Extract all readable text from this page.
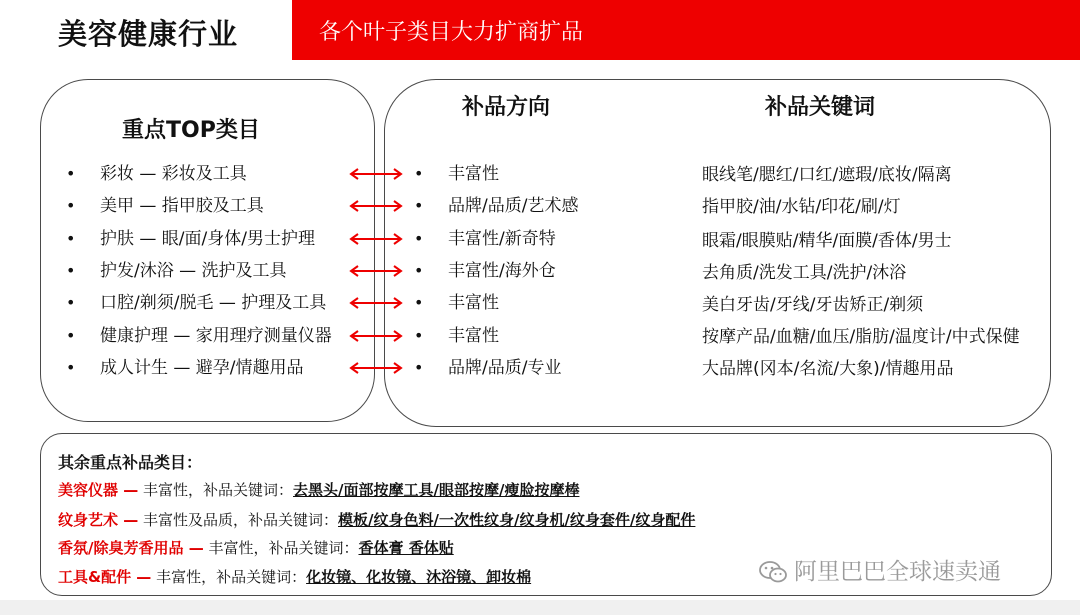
美容健康行业	各个叶子类目大力扩商扩品
重点TOP类目
补品方向	补品关键词
• 彩妆 — 彩妆及工具	• 丰富性	眼线笔/腮红/口红/遮瑕/底妆/隔离
• 美甲 — 指甲胶及工具	• 品牌/品质/艺术感	指甲胶/油/水钻/印花/刷/灯
• 护肤 — 眼/面/身体/男士护理	• 丰富性/新奇特	眼霜/眼膜贴/精华/面膜/香体/男士
• 护发/沐浴 — 洗护及工具	• 丰富性/海外仓	去角质/洗发工具/洗护/沐浴
• 口腔/剃须/脱毛 — 护理及工具	• 丰富性	美白牙齿/牙线/牙齿矫正/剃须
• 健康护理 — 家用理疗测量仪器	• 丰富性	按摩产品/血糖/血压/脂肪/温度计/中式保健
• 成人计生 — 避孕/情趣用品	• 品牌/品质/专业	大品牌(冈本/名流/大象)/情趣用品
其余重点补品类目：
美容仪器 — 丰富性，补品关键词：去黑头/面部按摩工具/眼部按摩/瘦脸按摩棒
纹身艺术 — 丰富性及品质，补品关键词：模板/纹身色料/一次性纹身/纹身机/纹身套件/纹身配件
香氛/除臭芳香用品 — 丰富性，补品关键词：香体膏 香体贴
工具&配件 — 丰富性，补品关键词：化妆镜、化妆镜、沐浴镜、卸妆棉	阿里巴巴全球速卖通
